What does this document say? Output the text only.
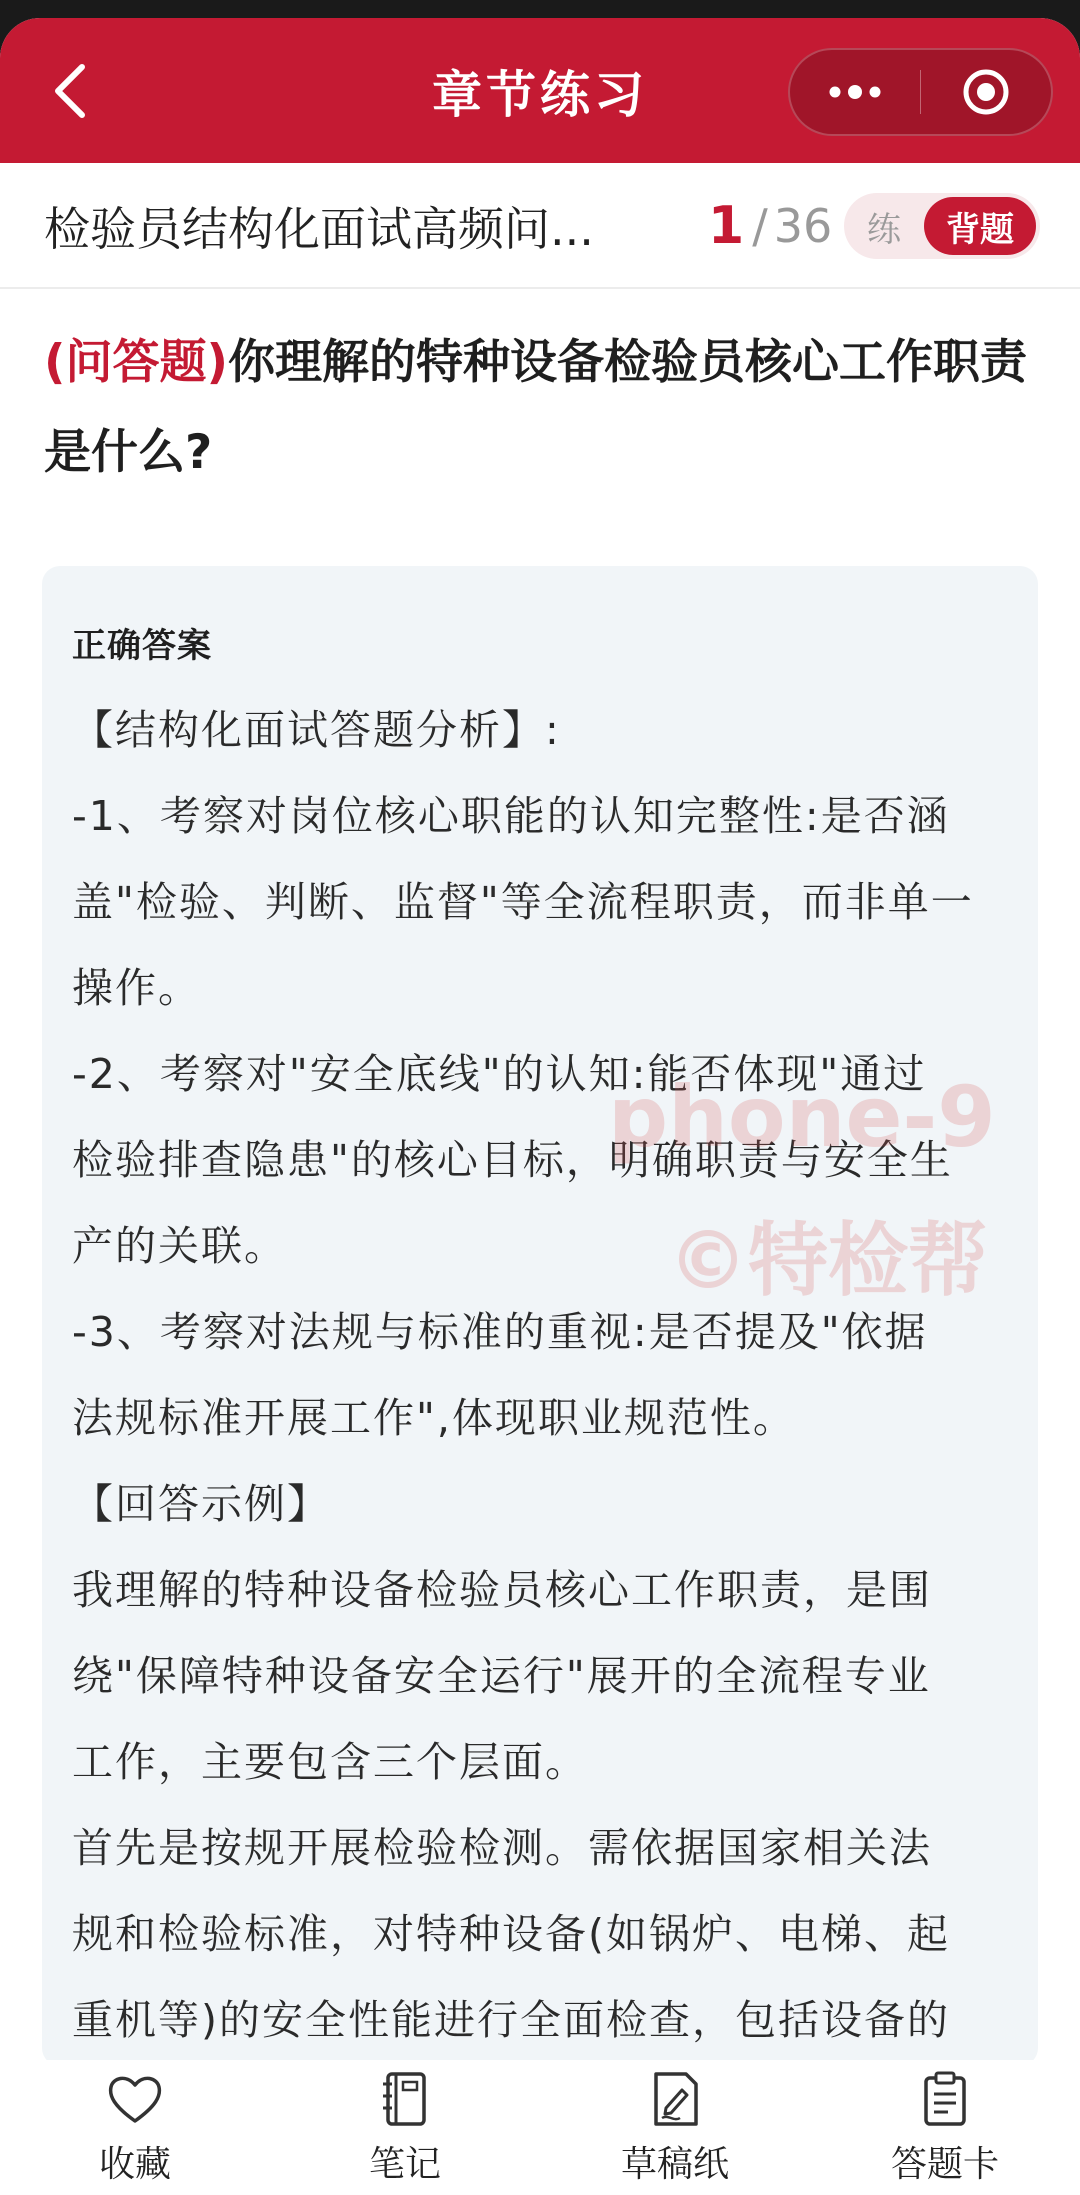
章节练习
检验员结构化面试高频问...	1 / 36	练	背题
(问答题)你理解的特种设备检验员核心工作职责是什么?
正确答案
【结构化面试答题分析】:
-1、考察对岗位核心职能的认知完整性:是否涵
盖"检验、判断、监督"等全流程职责，而非单一
操作。
-2、考察对"安全底线"的认知:能否体现"通过
检验排查隐患"的核心目标，明确职责与安全生
产的关联。
-3、考察对法规与标准的重视:是否提及"依据
法规标准开展工作",体现职业规范性。
【回答示例】
我理解的特种设备检验员核心工作职责，是围
绕"保障特种设备安全运行"展开的全流程专业
工作，主要包含三个层面。
首先是按规开展检验检测。需依据国家相关法
规和检验标准，对特种设备(如锅炉、电梯、起
重机等)的安全性能进行全面检查，包括设备的
phone-9
©特检帮
收藏	笔记	草稿纸	答题卡
